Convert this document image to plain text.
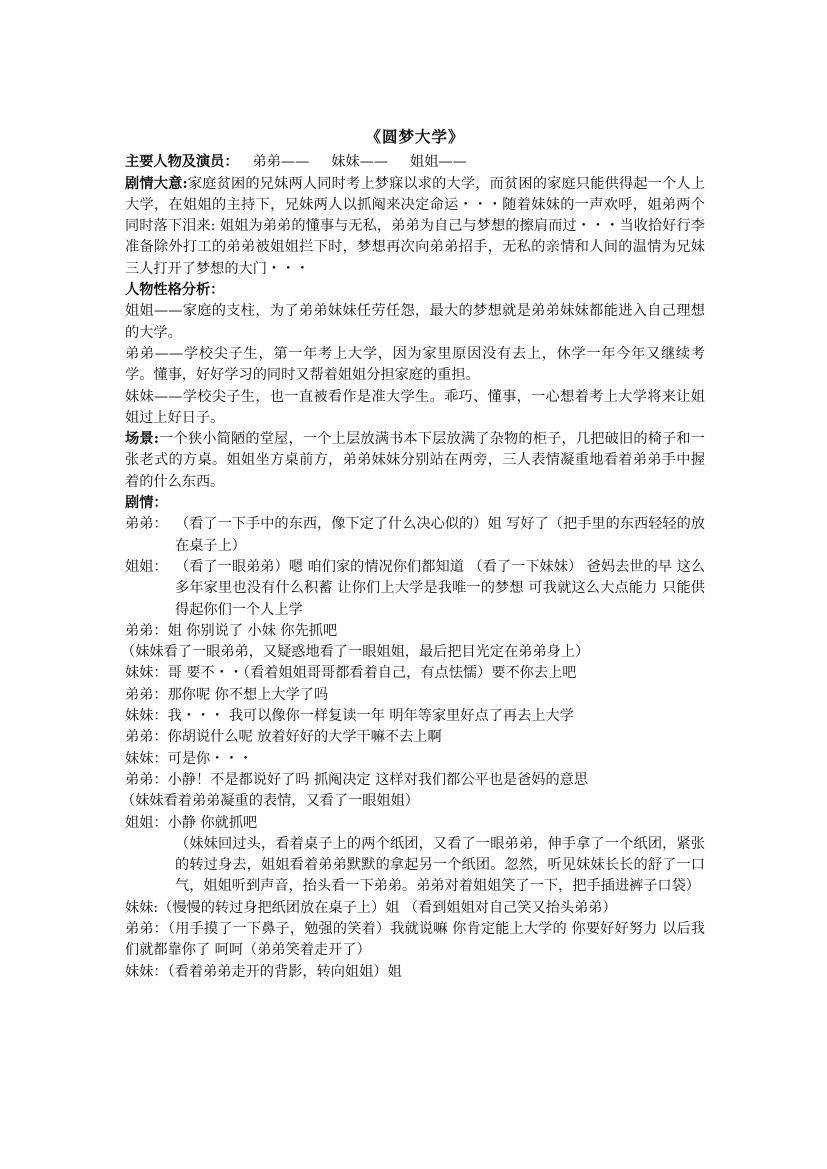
《圆梦大学》

主要人物及演员： 弟弟—— 妹妹—— 姐姐——

剧情大意:家庭贫困的兄妹两人同时考上梦寐以求的大学，而贫困的家庭只能供得起一个人上大学，在姐姐的主持下，兄妹两人以抓阄来决定命运・・・随着妹妹的一声欢呼，姐弟两个同时落下泪来: 姐姐为弟弟的懂事与无私，弟弟为自己与梦想的擦肩而过・・・当收拾好行李准备除外打工的弟弟被姐姐拦下时，梦想再次向弟弟招手，无私的亲情和人间的温情为兄妹三人打开了梦想的大门・・・

人物性格分析：

姐姐——家庭的支柱，为了弟弟妹妹任劳任怨，最大的梦想就是弟弟妹妹都能进入自己理想的大学。

弟弟——学校尖子生，第一年考上大学，因为家里原因没有去上，休学一年今年又继续考学。懂事，好好学习的同时又帮着姐姐分担家庭的重担。

妹妹——学校尖子生，也一直被看作是准大学生。乖巧、懂事，一心想着考上大学将来让姐姐过上好日子。

场景:一个狭小简陋的堂屋，一个上层放满书本下层放满了杂物的柜子，几把破旧的椅子和一张老式的方桌。姐姐坐方桌前方，弟弟妹妹分别站在两旁，三人表情凝重地看着弟弟手中握着的什么东西。

剧情：

弟弟： （看了一下手中的东西，像下定了什么决心似的）姐 写好了（把手里的东西轻轻的放在桌子上）

姐姐： （看了一眼弟弟）嗯 咱们家的情况你们都知道 （看了一下妹妹） 爸妈去世的早 这么多年家里也没有什么积蓄 让你们上大学是我唯一的梦想 可我就这么大点能力 只能供得起你们一个人上学

弟弟：姐 你别说了 小妹 你先抓吧

（妹妹看了一眼弟弟，又疑惑地看了一眼姐姐，最后把目光定在弟弟身上）

妹妹：哥 要不・・（看着姐姐哥哥都看着自己，有点怯懦）要不你去上吧

弟弟：那你呢 你不想上大学了吗

妹妹：我・・・ 我可以像你一样复读一年 明年等家里好点了再去上大学

弟弟：你胡说什么呢 放着好好的大学干嘛不去上啊

妹妹：可是你・・・

弟弟：小静！不是都说好了吗 抓阄决定 这样对我们都公平也是爸妈的意思

（妹妹看着弟弟凝重的表情，又看了一眼姐姐）

姐姐：小静 你就抓吧

（妹妹回过头，看着桌子上的两个纸团，又看了一眼弟弟，伸手拿了一个纸团，紧张的转过身去，姐姐看着弟弟默默的拿起另一个纸团。忽然，听见妹妹长长的舒了一口气，姐姐听到声音，抬头看一下弟弟。弟弟对着姐姐笑了一下，把手插进裤子口袋）

妹妹:（慢慢的转过身把纸团放在桌子上）姐 （看到姐姐对自己笑又抬头弟弟）

弟弟：（用手摸了一下鼻子，勉强的笑着）我就说嘛 你肯定能上大学的 你要好好努力 以后我们就都靠你了 呵呵（弟弟笑着走开了）

妹妹：（看着弟弟走开的背影，转向姐姐）姐
